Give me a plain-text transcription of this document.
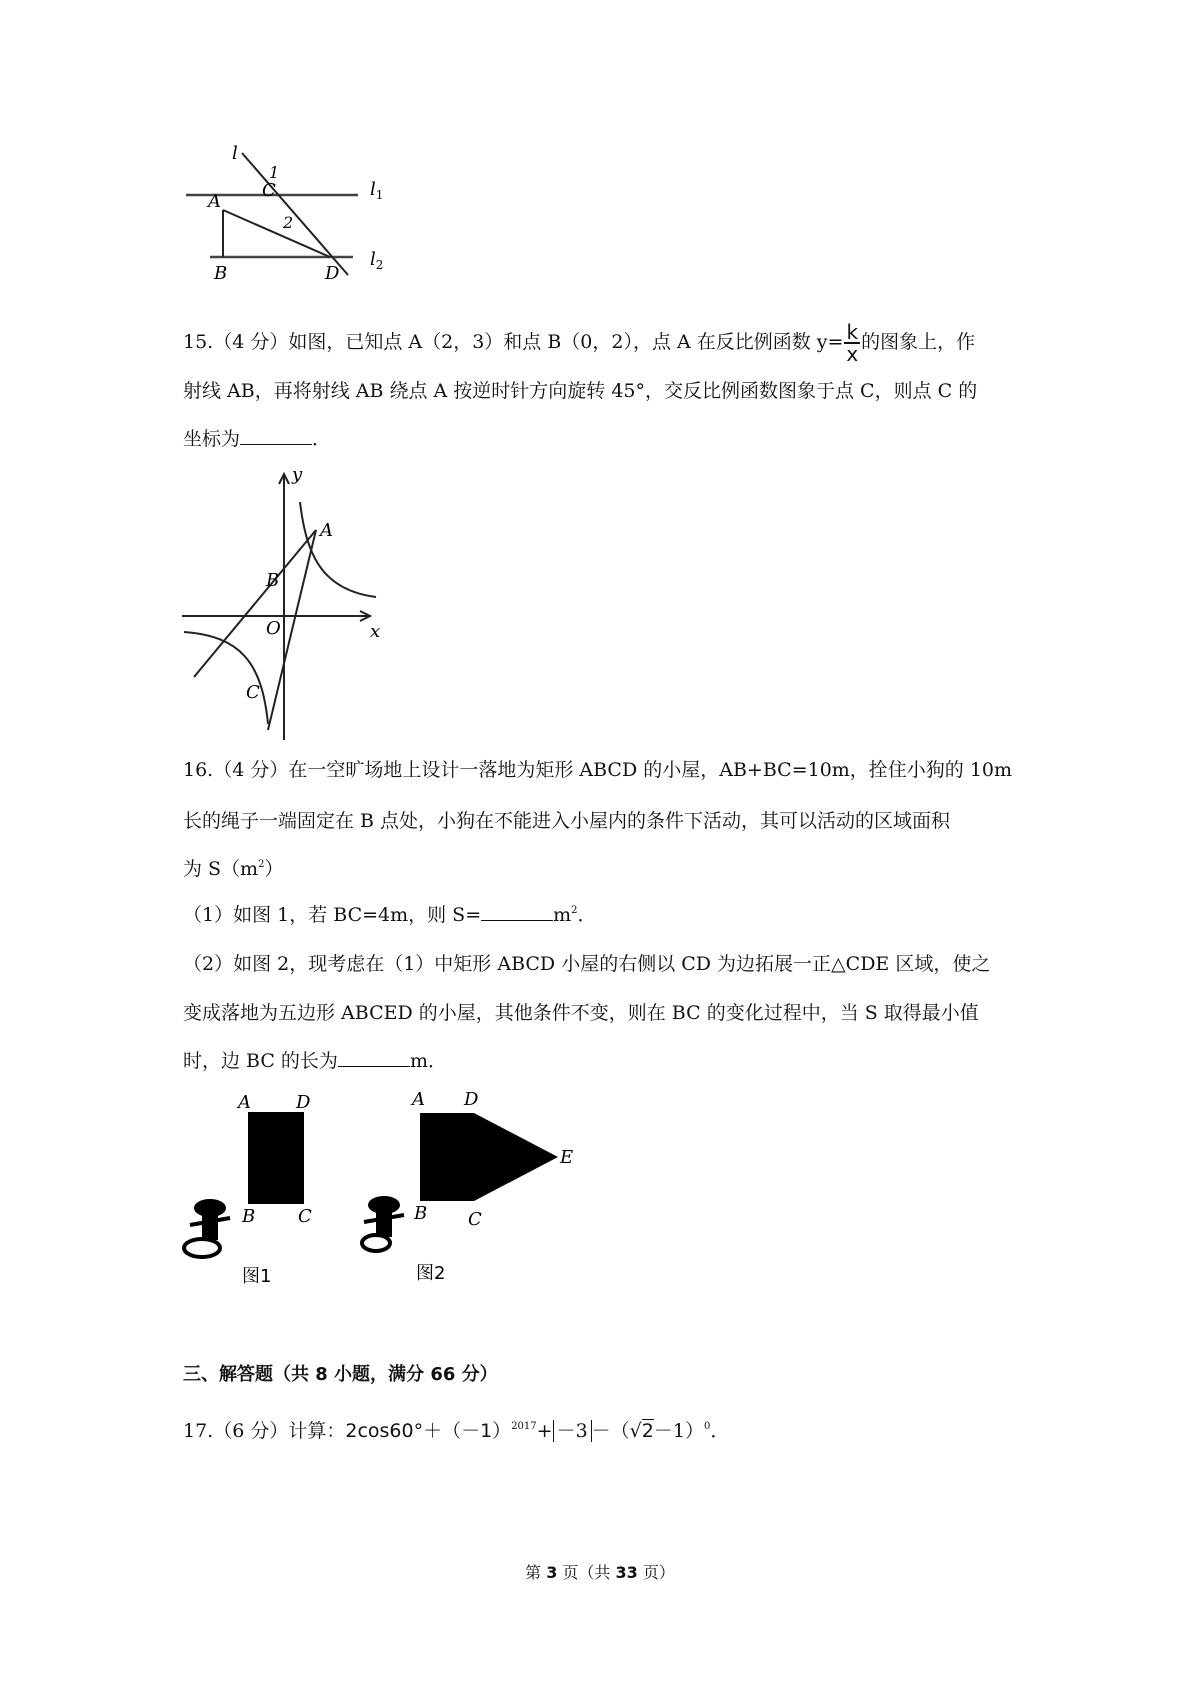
l
1
C
A
2
B	D
$l_1$
$l_2$
15.（4 分）如图，已知点 A（2，3）和点 B（0，2），点 A 在反比例函数 $y= \frac{k}{x}$ 的图象上，作
射线 AB，再将射线 AB 绕点 A 按逆时针方向旋转 45°，交反比例函数图象于点 C，则点 C 的
坐标为	．
y
x
A
B
O
C
16.（4 分）在一空旷场地上设计一落地为矩形 ABCD 的小屋，AB+BC=10m，拴住小狗的 10m
长的绳子一端固定在 B 点处，小狗在不能进入小屋内的条件下活动，其可以活动的区域面积
为 $S(m^2)$
（1）如图 1，若 BC=4m，则 S=	$m^2$．
（2）如图 2，现考虑在（1）中矩形 ABCD 小屋的右侧以 CD 为边拓展一正△CDE 区域，使之
变成落地为五边形 ABCED 的小屋，其他条件不变，则在 BC 的变化过程中，当 S 取得最小值
时，边 BC 的长为	m．
A	D
B C
图1
A D
E
B C
图2
三、解答题（共 8 小题，满分 66 分）
17.（6 分）计算：$2\cos 60^\circ+(-1)^{2017}+ -3 -(√2-1)^0$．
第 3 页（共 33 页）
